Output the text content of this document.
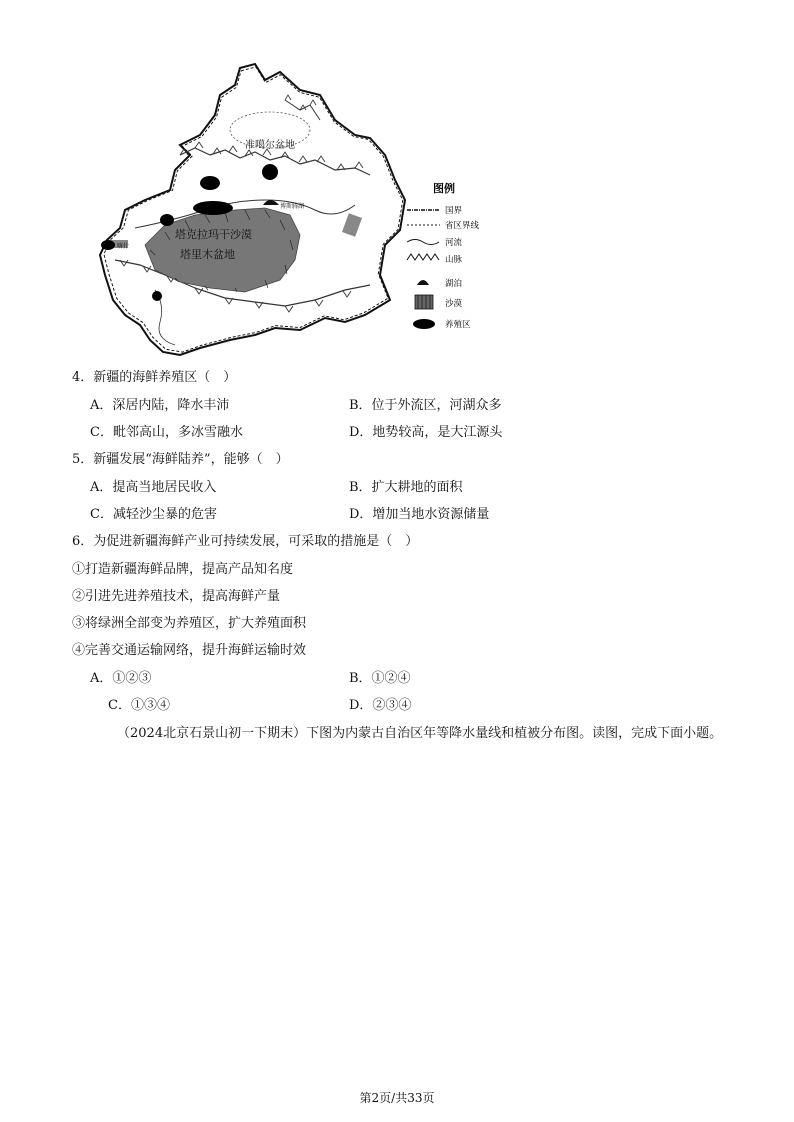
准噶尔盆地
塔克拉玛干沙漠
塔里木盆地
博斯腾湖
喀什
图例
国界
省区界线
河流
山脉
湖泊
沙漠
养殖区
4．新疆的海鲜养殖区（　）
A．深居内陆，降水丰沛	B．位于外流区，河湖众多
C．毗邻高山，多冰雪融水	D．地势较高，是大江源头
5．新疆发展“海鲜陆养”，能够（　）
A．提高当地居民收入	B．扩大耕地的面积
C．减轻沙尘暴的危害	D．增加当地水资源储量
6．为促进新疆海鲜产业可持续发展，可采取的措施是（　）
①打造新疆海鲜品牌，提高产品知名度
②引进先进养殖技术，提高海鲜产量
③将绿洲全部变为养殖区，扩大养殖面积
④完善交通运输网络，提升海鲜运输时效
A．①②③	B．①②④
C．①③④	D．②③④
（2024北京石景山初一下期末）下图为内蒙古自治区年等降水量线和植被分布图。读图，完成下面小题。
第2页/共33页
